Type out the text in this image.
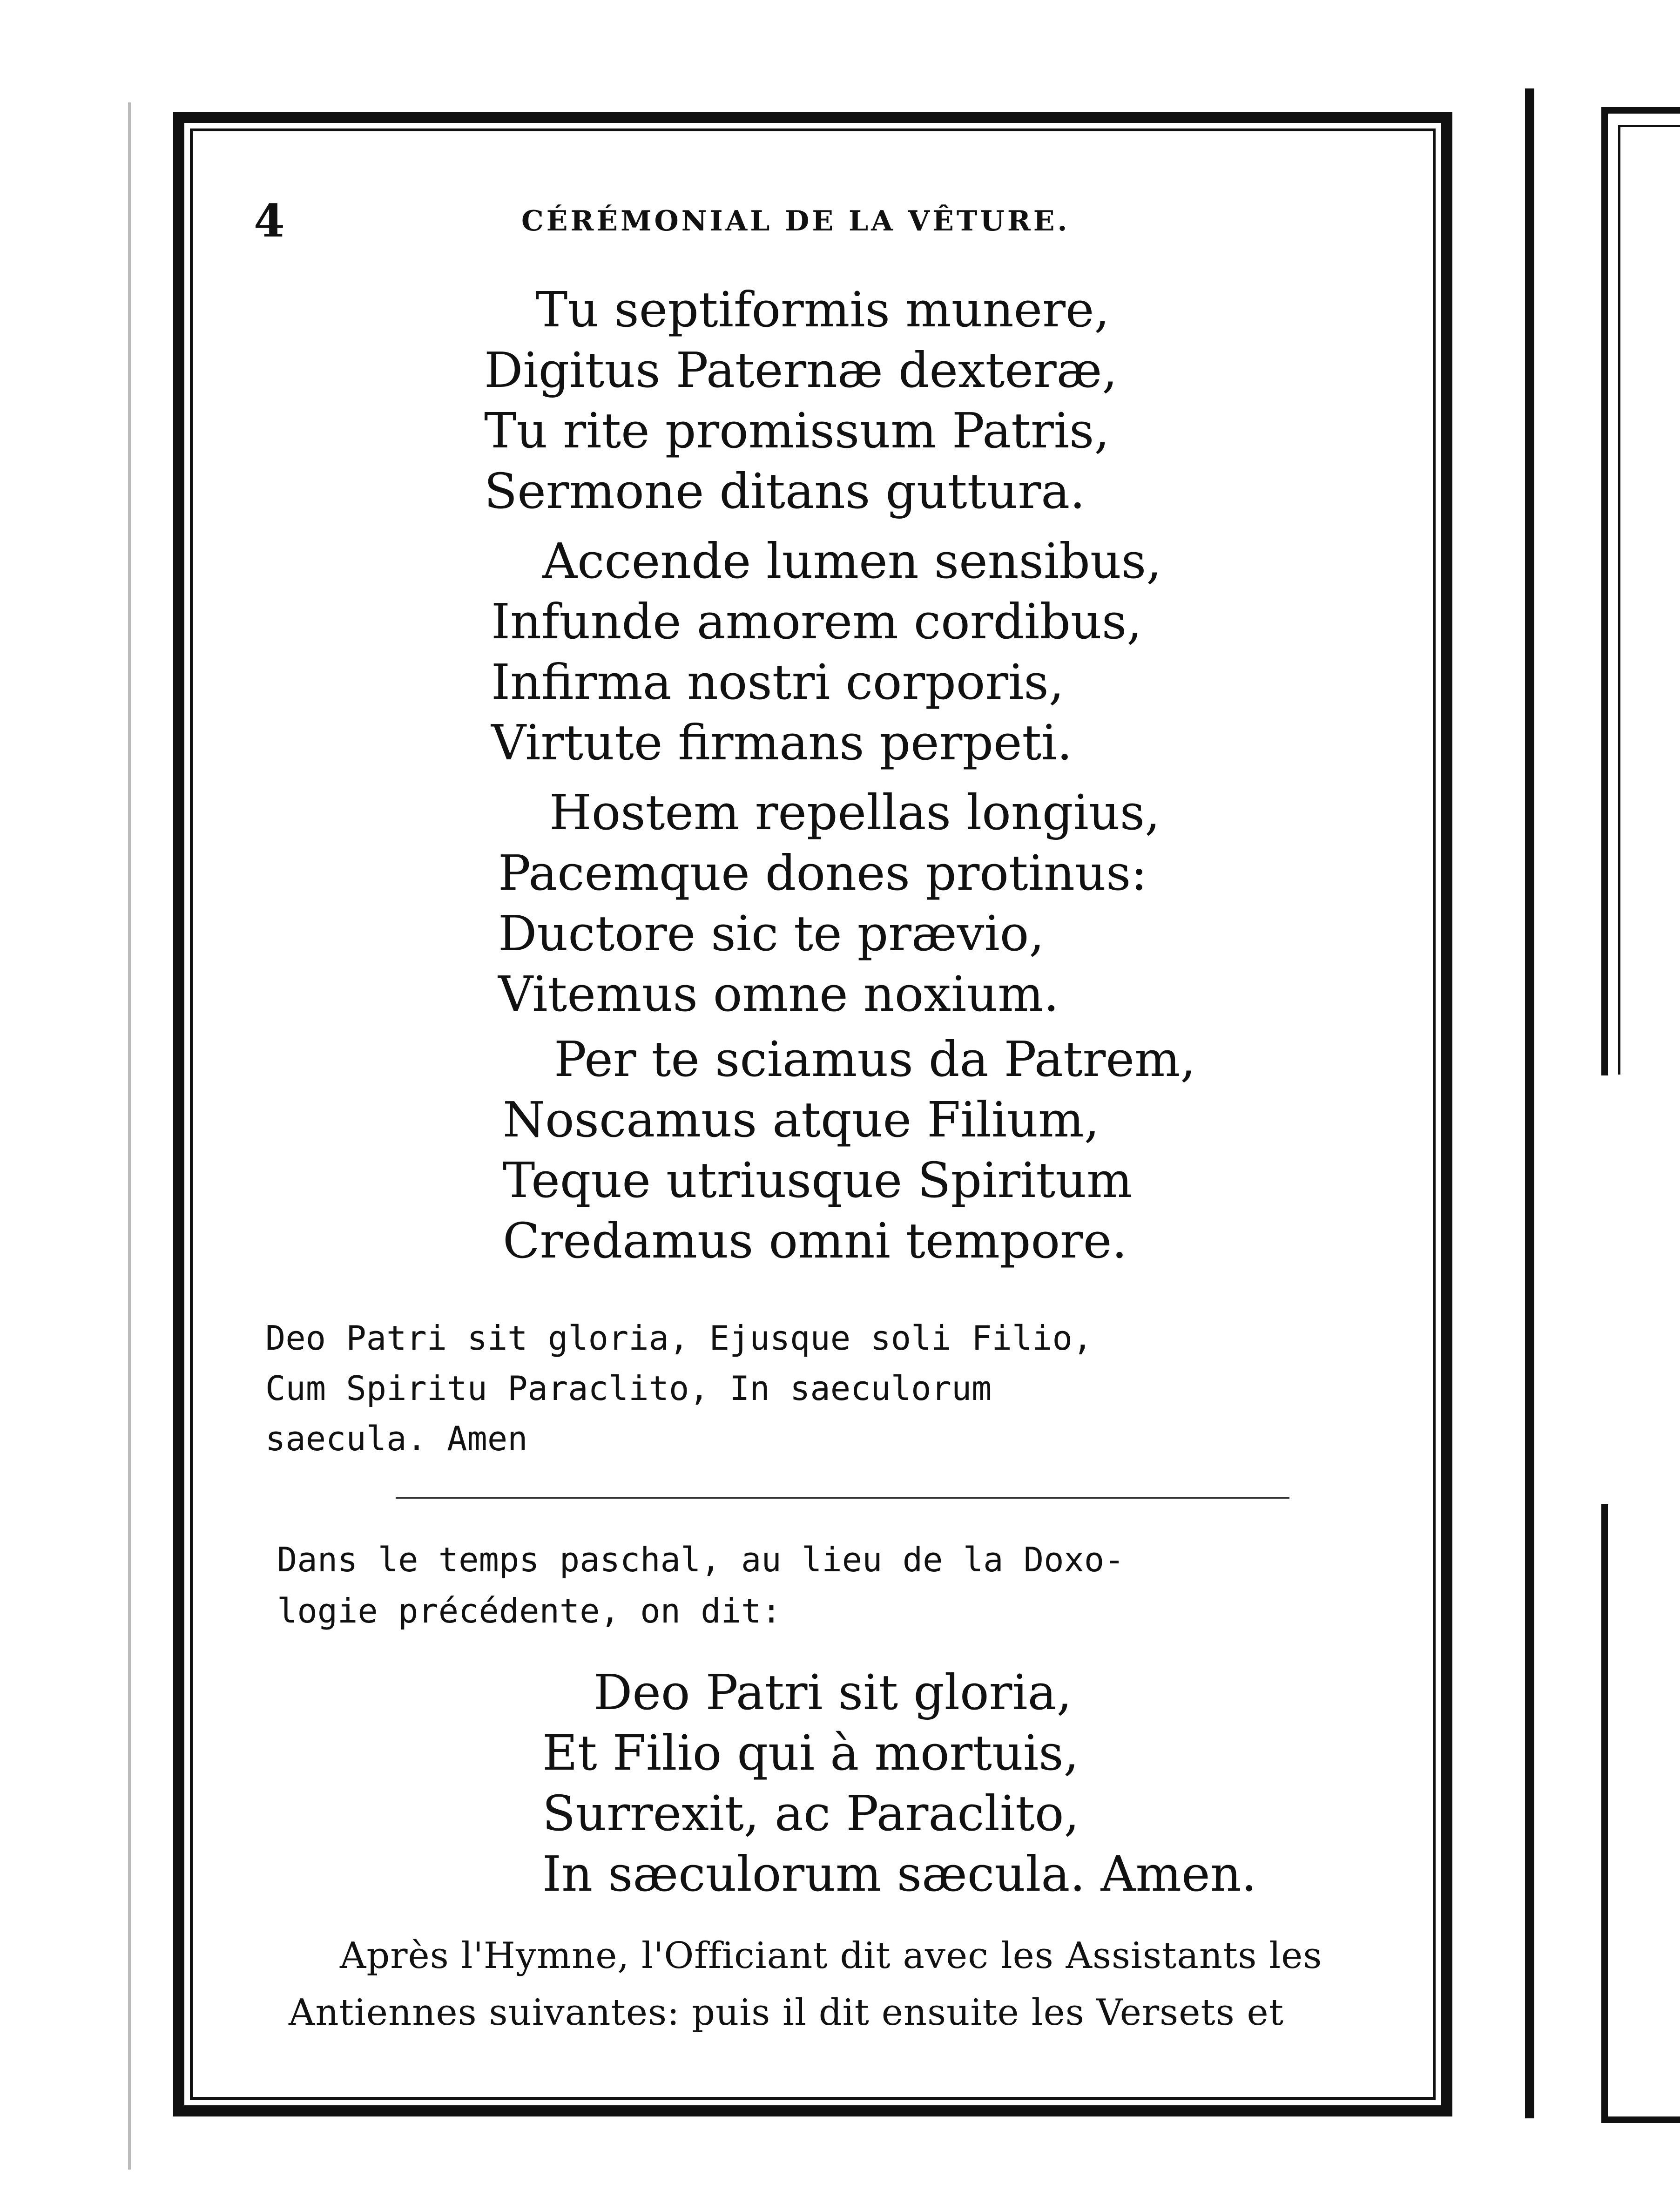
4	CÉRÉMONIAL DE LA VÊTURE.
Tu septiformis munere,
Digitus Paternæ dexteræ,
Tu rite promissum Patris,
Sermone ditans guttura.
Accende lumen sensibus,
Infunde amorem cordibus,
Infirma nostri corporis,
Virtute firmans perpeti.
Hostem repellas longius,
Pacemque dones protinus:
Ductore sic te prævio,
Vitemus omne noxium.
Per te sciamus da Patrem,
Noscamus atque Filium,
Teque utriusque Spiritum
Credamus omni tempore.
Deo Patri sit gloria, Ejusque soli Filio,
Cum Spiritu Paraclito, In saeculorum
saecula. Amen
Dans le temps paschal, au lieu de la Doxo-
logie précédente, on dit:
Deo Patri sit gloria,
Et Filio qui à mortuis,
Surrexit, ac Paraclito,
In sæculorum sæcula. Amen.
Après l'Hymne, l'Officiant dit avec les Assistants les
Antiennes suivantes: puis il dit ensuite les Versets et
